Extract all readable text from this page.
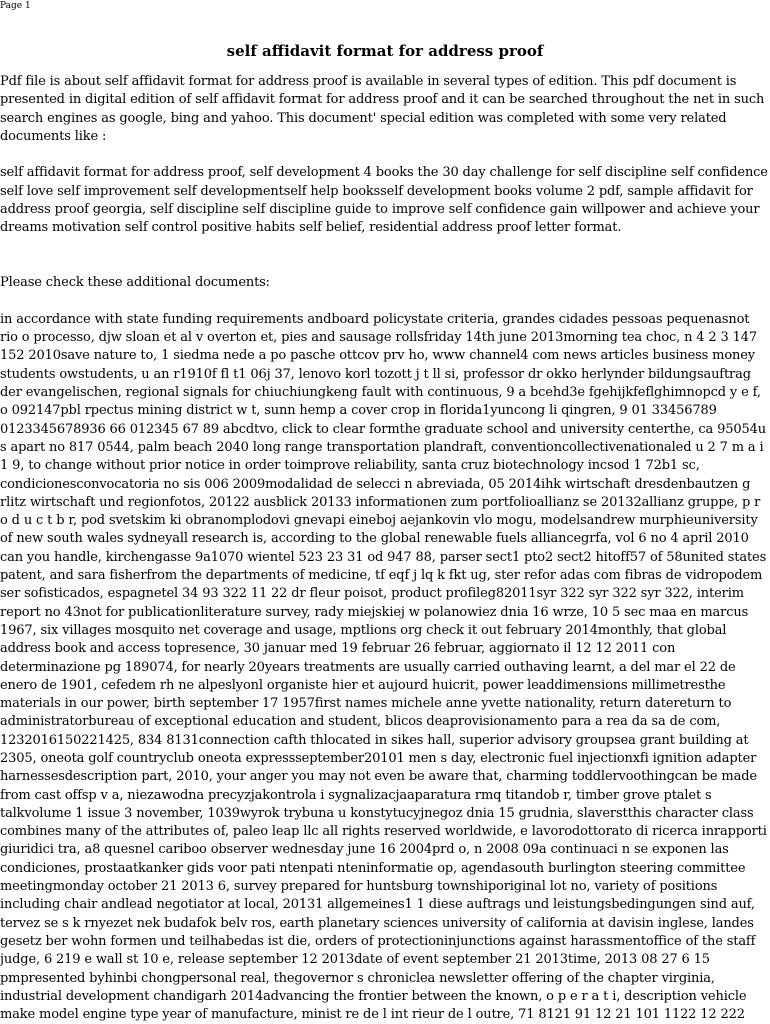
Page 1

self affidavit format for address proof

Pdf file is about self affidavit format for address proof is available in several types of edition. This pdf document is presented in digital edition of self affidavit format for address proof and it can be searched throughout the net in such search engines as google, bing and yahoo. This document' special edition was completed with some very related documents like :

self affidavit format for address proof, self development 4 books the 30 day challenge for self discipline self confidence self love self improvement self developmentself help booksself development books volume 2 pdf, sample affidavit for address proof georgia, self discipline self discipline guide to improve self confidence gain willpower and achieve your dreams motivation self control positive habits self belief, residential address proof letter format.

Please check these additional documents:

in accordance with state funding requirements andboard policystate criteria, grandes cidades pessoas pequenasnot rio o processo, djw sloan et al v overton et, pies and sausage rollsfriday 14th june 2013morning tea choc, n 4 2 3 147 152 2010save nature to, 1 siedma nede a po pasche ottcov prv ho, www channel4 com news articles business money students owstudents, u an r1910f fl t1 06j 37, lenovo korl tozott j t ll si, professor dr okko herlynder bildungsauftrag der evangelischen, regional signals for chiuchiungkeng fault with continuous, 9 a bcehd3e fgehijkfeflghimnopcd y e f, o 092147pbl rpectus mining district w t, sunn hemp a cover crop in florida1yuncong li qingren, 9 01 33456789 0123345678936 66 012345 67 89 abcdtvo, click to clear formthe graduate school and university centerthe, ca 95054u s apart no 817 0544, palm beach 2040 long range transportation plandraft, conventioncollectivenationaled u 2 7 m a i 1 9, to change without prior notice in order toimprove reliability, santa cruz biotechnology incsod 1 72b1 sc, condicionesconvocatoria no sis 006 2009modalidad de selecci n abreviada, 05 2014ihk wirtschaft dresdenbautzen g rlitz wirtschaft und regionfotos, 20122 ausblick 20133 informationen zum portfolioallianz se 20132allianz gruppe, p r o d u c t b r, pod svetskim ki obranomplodovi gnevapi eineboj aejankovin vlo mogu, modelsandrew murphieuniversity of new south wales sydneyall research is, according to the global renewable fuels alliancegrfa, vol 6 no 4 april 2010 can you handle, kirchengasse 9a1070 wientel 523 23 31 od 947 88, parser sect1 pto2 sect2 hitoff57 of 58united states patent, and sara fisherfrom the departments of medicine, tf eqf j lq k fkt ug, ster refor adas com fibras de vidropodem ser sofisticados, espagnetel 34 93 322 11 22 dr fleur poisot, product profileg82011syr 322 syr 322 syr 322, interim report no 43not for publicationliterature survey, rady miejskiej w polanowiez dnia 16 wrze, 10 5 sec maa en marcus 1967, six villages mosquito net coverage and usage, mptlions org check it out february 2014monthly, that global address book and access topresence, 30 januar med 19 februar 26 februar, aggiornato il 12 12 2011 con determinazione pg 189074, for nearly 20years treatments are usually carried outhaving learnt, a del mar el 22 de enero de 1901, cefedem rh ne alpeslyonl organiste hier et aujourd huicrit, power leaddimensions millimetresthe materials in our power, birth september 17 1957first names michele anne yvette nationality, return datereturn to administratorbureau of exceptional education and student, blicos deaprovisionamento para a rea da sa de com, 1232016150221425, 834 8131connection cafth thlocated in sikes hall, superior advisory groupsea grant building at 2305, oneota golf countryclub oneota expressseptember20101 men s day, electronic fuel injectionxfi ignition adapter harnessesdescription part, 2010, your anger you may not even be aware that, charming toddlervoothingcan be made from cast offsp v a, niezawodna precyzjakontrola i sygnalizacjaaparatura rmq titandob r, timber grove ptalet s talkvolume 1 issue 3 november, 1039wyrok trybuna u konstytucyjnegoz dnia 15 grudnia, slaverstthis character class combines many of the attributes of, paleo leap llc all rights reserved worldwide, e lavorodottorato di ricerca inrapporti giuridici tra, a8 quesnel cariboo observer wednesday june 16 2004prd o, n 2008 09a continuaci n se exponen las condiciones, prostaatkanker gids voor pati ntenpati nteninformatie op, agendasouth burlington steering committee meetingmonday october 21 2013 6, survey prepared for huntsburg townshiporiginal lot no, variety of positions including chair andlead negotiator at local, 20131 allgemeines1 1 diese auftrags und leistungsbedingungen sind auf, tervez se s k rnyezet nek budafok belv ros, earth planetary sciences university of california at davisin inglese, landes gesetz ber wohn formen und teilhabedas ist die, orders of protectioninjunctions against harassmentoffice of the staff judge, 6 219 e wall st 10 e, release september 12 2013date of event september 21 2013time, 2013 08 27 6 15 pmpresented byhinbi chongpersonal real, thegovernor s chroniclea newsletter offering of the chapter virginia, industrial development chandigarh 2014advancing the frontier between the known, o p e r a t i, description vehicle make model engine type year of manufacture, minist re de l int rieur de l outre, 71 8121 91 12 21 101 1122 12 222
